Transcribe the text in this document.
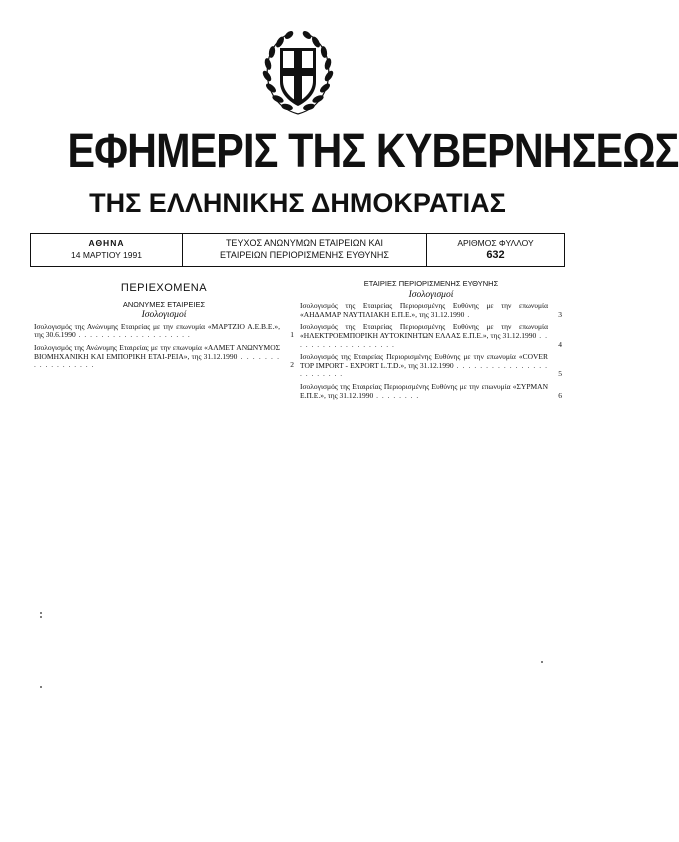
ΕΦΗΜΕΡΙΣ ΤΗΣ ΚΥΒΕΡΝΗΣΕΩΣ
ΤΗΣ ΕΛΛΗΝΙΚΗΣ ΔΗΜΟΚΡΑΤΙΑΣ
ΑΘΗΝΑ
14 ΜΑΡΤΙΟΥ 1991
ΤΕΥΧΟΣ ΑΝΩΝΥΜΩΝ ΕΤΑΙΡΕΙΩΝ ΚΑΙ
ΕΤΑΙΡΕΙΩΝ ΠΕΡΙΟΡΙΣΜΕΝΗΣ ΕΥΘΥΝΗΣ
ΑΡΙΘΜΟΣ ΦΥΛΛΟΥ
632
ΠΕΡΙΕΧΟΜΕΝΑ
ΑΝΩΝΥΜΕΣ ΕΤΑΙΡΕΙΕΣ
Ισολογισμοί
Ισολογισμός της Ανώνυμης Εταιρείας με την επωνυμία «ΜΑΡΤΖΙΟ Α.Ε.Β.Ε.», της 30.6.1990 . . . . . . . . . . . . . . . . . . . .	1
Ισολογισμός της Ανώνυμης Εταιρείας με την επωνυμία «ΑΛΜΕΤ ΑΝΩΝΥΜΟΣ ΒΙΟΜΗΧΑΝΙΚΗ ΚΑΙ ΕΜΠΟΡΙΚΗ ΕΤΑΙ-ΡΕΙΑ», της 31.12.1990 . . . . . . . . . . . . . . . . . .	2
ΕΤΑΙΡΙΕΣ ΠΕΡΙΟΡΙΣΜΕΝΗΣ ΕΥΘΥΝΗΣ
Ισολογισμοί
Ισολογισμός της Εταιρείας Περιορισμένης Ευθύνης με την επωνυμία «ΑΗΔΑΜΑΡ ΝΑΥΤΙΛΙΑΚΗ Ε.Π.Ε.», της 31.12.1990 .	3
Ισολογισμός της Εταιρείας Περιορισμένης Ευθύνης με την επωνυμία «ΗΛΕΚΤΡΟΕΜΠΟΡΙΚΗ ΑΥΤΟΚΙΝΗΤΩΝ ΕΛΛΑΣ Ε.Π.Ε.», της 31.12.1990 . . . . . . . . . . . . . . . . . . .	4
Ισολογισμός της Εταιρείας Περιορισμένης Ευθύνης με την επωνυμία «COVER TOP IMPORT - EXPORT L.T.D.», της 31.12.1990 . . . . . . . . . . . . . . . . . . . . . . . .	5
Ισολογισμός της Εταιρείας Περιορισμένης Ευθύνης με την επωνυμία «ΣΥΡΜΑΝ Ε.Π.Ε.», της 31.12.1990 . . . . . . . .	6
